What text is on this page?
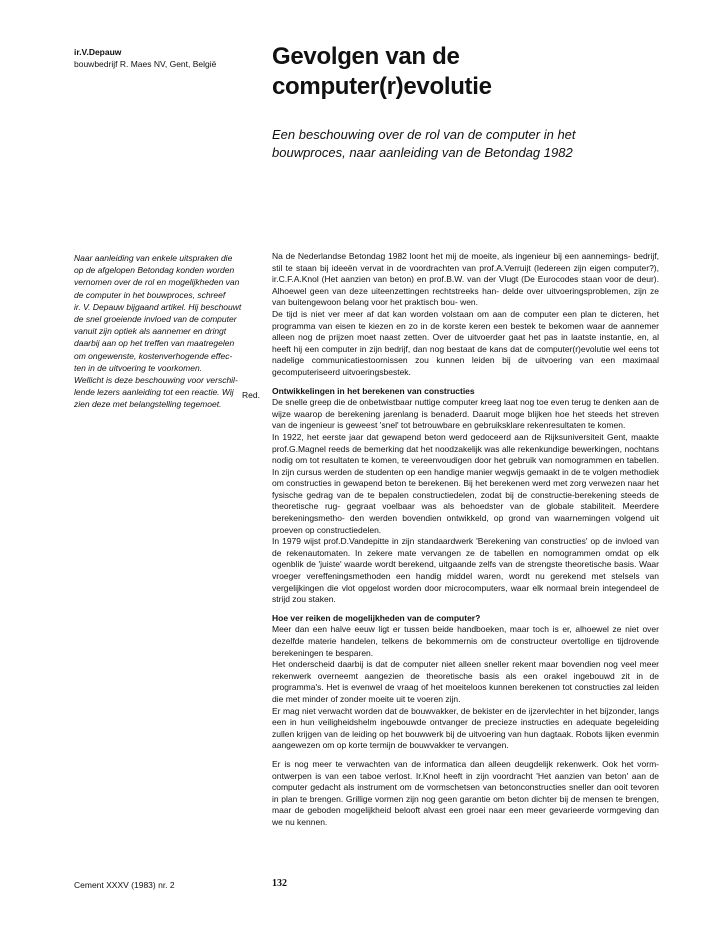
ir.V.Depauw
bouwbedrijf R. Maes NV, Gent, België Gevolgen van de
computer(r)evolutie
Een beschouwing over de rol van de computer in het
bouwproces, naar aanleiding van de Betondag 1982
Naar aanleiding van enkele uitspraken die
op de afgelopen Betondag konden worden
vernomen over de rol en mogelijkheden van
de computer in het bouwproces, schreef
ir. V. Depauw bijgaand artikel. Hij beschouwt
de snel groeiende invloed van de computer
vanuit zijn optiek als aannemer en dringt
daarbij aan op het treffen van maatregelen
om ongewenste, kostenverhogende effec-
ten in de uitvoering te voorkomen.
Wellicht is deze beschouwing voor verschil-
lende lezers aanleiding tot een reactie. Wij
zien deze met belangstelling tegemoet.
Red.

Na de Nederlandse Betondag 1982 loont het mij de moeite, als ingenieur bij een aannemings- bedrijf, stil te staan bij ideeën vervat in de voordrachten van prof.A.Verruijt (Iedereen zijn eigen computer?), ir.C.F.A.Knol (Het aanzien van beton) en prof.B.W. van der Vlugt (De Eurocodes staan voor de deur). Alhoewel geen van deze uiteenzettingen rechtstreeks han- delde over uitvoeringsproblemen, zijn ze van buitengewoon belang voor het praktisch bou- wen.

De tijd is niet ver meer af dat kan worden volstaan om aan de computer een plan te dicteren, het programma van eisen te kiezen en zo in de korste keren een bestek te bekomen waar de aannemer alleen nog de prijzen moet naast zetten. Over de uitvoerder gaat het pas in laatste instantie, en, al heeft hij een computer in zijn bedrijf, dan nog bestaat de kans dat de computer(r)evolutie wel eens tot nadelige communicatiestoornissen zou kunnen leiden bij de uitvoering van een maximaal gecomputeriseerd uitvoeringsbestek.

Ontwikkelingen in het berekenen van constructies

De snelle greep die de onbetwistbaar nuttige computer kreeg laat nog toe even terug te denken aan de wijze waarop de berekening jarenlang is benaderd. Daaruit moge blijken hoe het steeds het streven van de ingenieur is geweest 'snel' tot betrouwbare en gebruiksklare rekenresultaten te komen.

In 1922, het eerste jaar dat gewapend beton werd gedoceerd aan de Rijksuniversiteit Gent, maakte prof.G.Magnel reeds de bemerking dat het noodzakelijk was alle rekenkundige bewerkingen, nochtans nodig om tot resultaten te komen, te vereenvoudigen door het gebruik van nomogrammen en tabellen. In zijn cursus werden de studenten op een handige manier wegwijs gemaakt in de te volgen methodiek om constructies in gewapend beton te berekenen. Bij het berekenen werd met zorg verwezen naar het fysische gedrag van de te bepalen constructiedelen, zodat bij de constructie-berekening steeds de theoretische rug- gegraat voelbaar was als behoedster van de globale stabiliteit. Meerdere berekeningsmetho- den werden bovendien ontwikkeld, op grond van waarnemingen volgend uit proeven op constructiedelen.

In 1979 wijst prof.D.Vandepitte in zijn standaardwerk 'Berekening van constructies' op de invloed van de rekenautomaten. In zekere mate vervangen ze de tabellen en nomogrammen omdat op elk ogenblik de 'juiste' waarde wordt berekend, uitgaande zelfs van de strengste theoretische basis. Waar vroeger vereffeningsmethoden een handig middel waren, wordt nu gerekend met stelsels van vergelijkingen die vlot opgelost worden door microcomputers, waar elk normaal brein integendeel de strijd zou staken.

Hoe ver reiken de mogelijkheden van de computer?

Meer dan een halve eeuw ligt er tussen beide handboeken, maar toch is er, alhoewel ze niet over dezelfde materie handelen, telkens de bekommernis om de constructeur overtollige en tijdrovende berekeningen te besparen.

Het onderscheid daarbij is dat de computer niet alleen sneller rekent maar bovendien nog veel meer rekenwerk overneemt aangezien de theoretische basis als een orakel ingebouwd zit in de programma's. Het is evenwel de vraag of het moeiteloos kunnen berekenen tot constructies zal leiden die met minder of zonder moeite uit te voeren zijn.

Er mag niet verwacht worden dat de bouwvakker, de bekister en de ijzervlechter in het bijzonder, langs een in hun veiligheidshelm ingebouwde ontvanger de precieze instructies en adequate begeleiding zullen krijgen van de leiding op het bouwwerk bij de uitvoering van hun dagtaak. Robots lijken evenmin aangewezen om op korte termijn de bouwvakker te vervangen.

Er is nog meer te verwachten van de informatica dan alleen deugdelijk rekenwerk. Ook het vorm-ontwerpen is van een taboe verlost. Ir.Knol heeft in zijn voordracht 'Het aanzien van beton' aan de computer gedacht als instrument om de vormschetsen van betonconstructies sneller dan ooit tevoren in plan te brengen. Grillige vormen zijn nog geen garantie om beton dichter bij de mensen te brengen, maar de geboden mogelijkheid belooft alvast een groei naar een meer gevarieerde vormgeving dan we nu kennen.

Cement XXXV (1983) nr. 2	132
